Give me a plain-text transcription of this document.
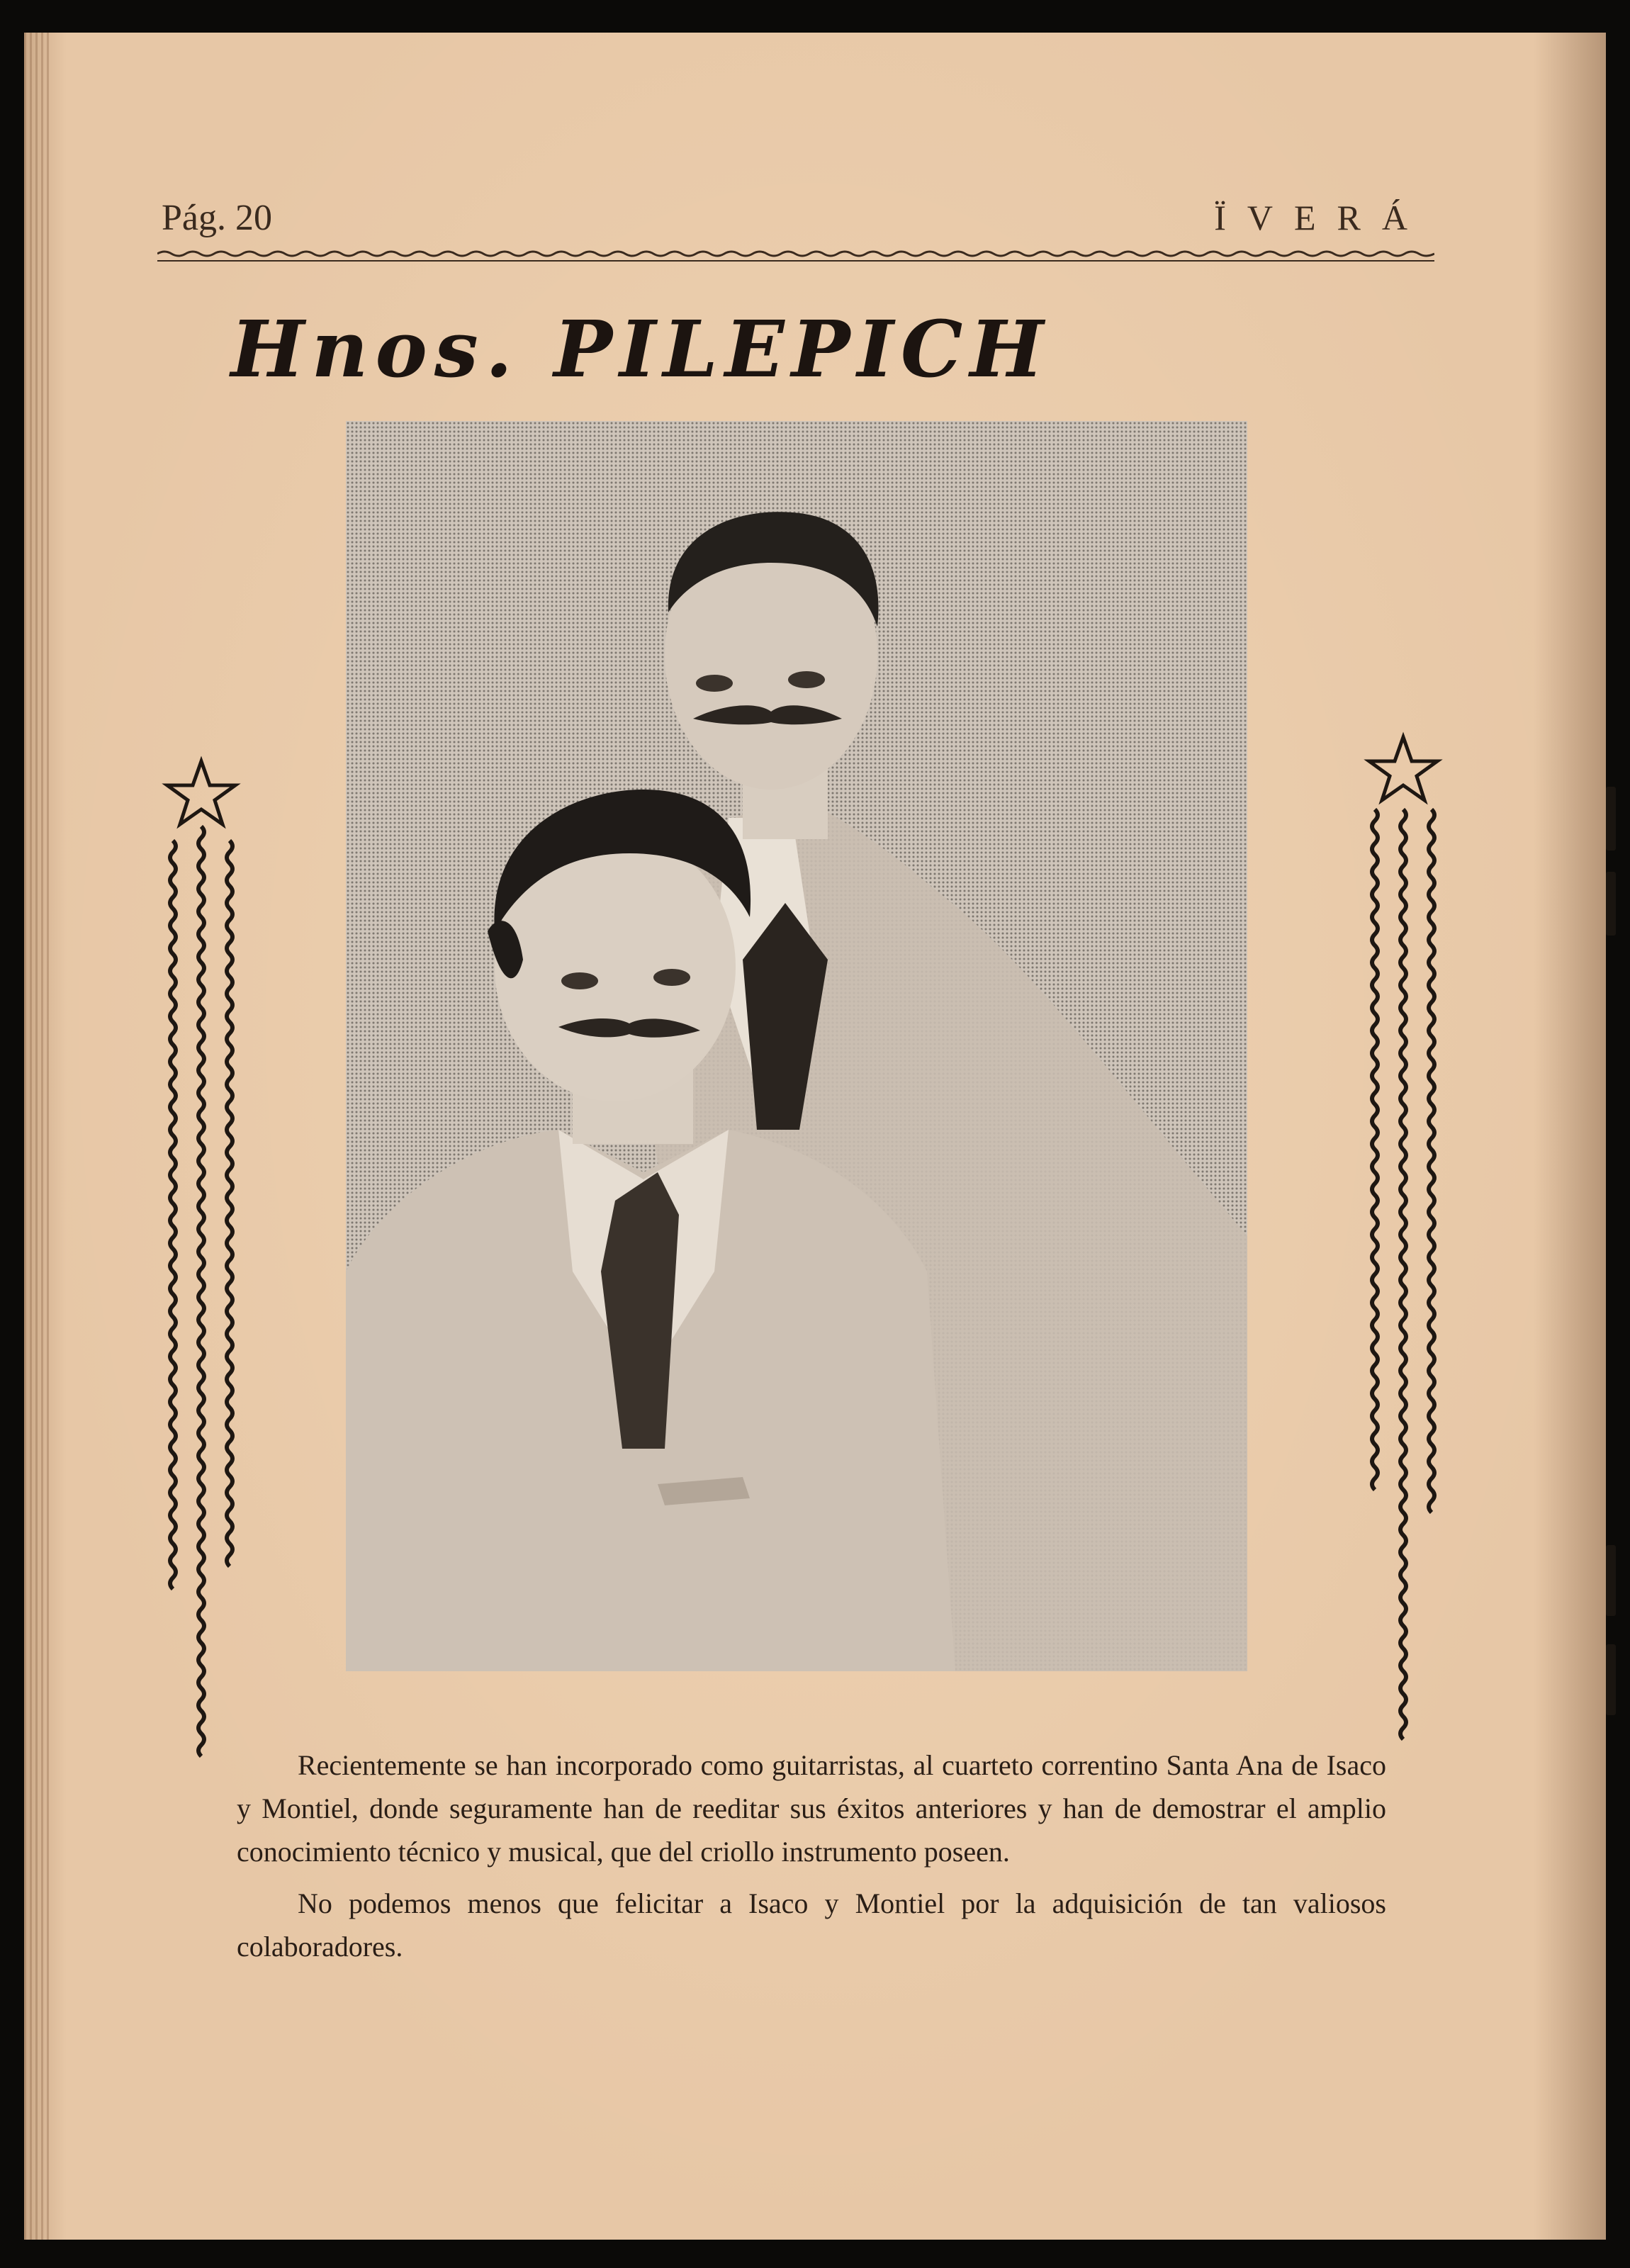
Pág. 20	ÏVERÁ
Hnos. PILEPICH

Recientemente se han incorporado como guitarristas, al cuarteto correntino Santa Ana de Isaco y Montiel, donde seguramente han de reeditar sus éxitos anteriores y han de demostrar el amplio conocimiento técnico y musical, que del criollo instrumento poseen.

No podemos menos que felicitar a Isaco y Montiel por la adquisición de tan valiosos colaboradores.
